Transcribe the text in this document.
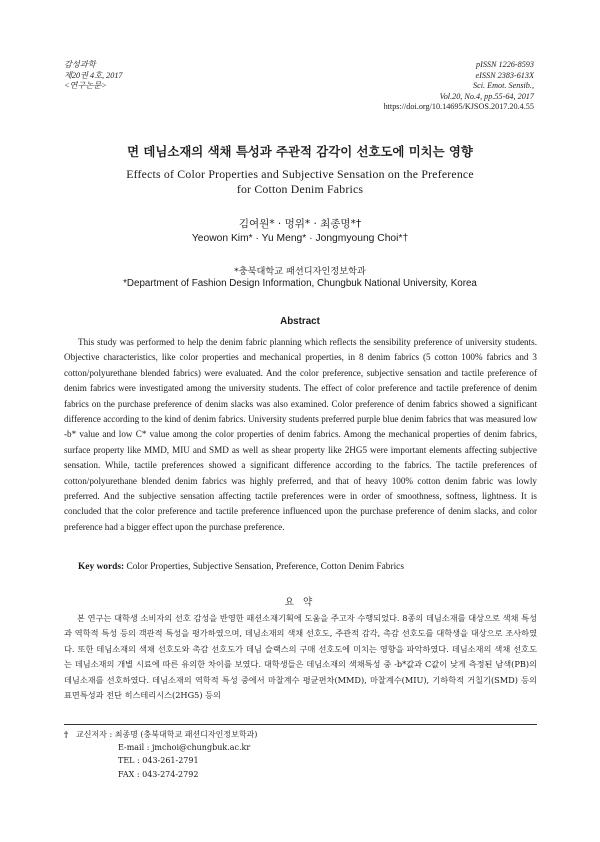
감성과학
제20권 4호, 2017
<연구논문>
pISSN 1226-8593
eISSN 2383-613X
Sci. Emot. Sensib.,
Vol.20, No.4, pp.55-64, 2017
https://doi.org/10.14695/KJSOS.2017.20.4.55
면 데님소재의 색채 특성과 주관적 감각이 선호도에 미치는 영향
Effects of Color Properties and Subjective Sensation on the Preference
for Cotton Denim Fabrics
김여원* · 멍위* · 최종명*†
Yeowon Kim* · Yu Meng* · Jongmyoung Choi*†
*충북대학교 패션디자인정보학과
*Department of Fashion Design Information, Chungbuk National University, Korea
Abstract

This study was performed to help the denim fabric planning which reflects the sensibility preference of university students. Objective characteristics, like color properties and mechanical properties, in 8 denim fabrics (5 cotton 100% fabrics and 3 cotton/polyurethane blended fabrics) were evaluated. And the color preference, subjective sensation and tactile preference of denim fabrics were investigated among the university students. The effect of color preference and tactile preference of denim fabrics on the purchase preference of denim slacks was also examined. Color preference of denim fabrics showed a significant difference according to the kind of denim fabrics. University students preferred purple blue denim fabrics that was measured low -b* value and low C* value among the color properties of denim fabrics. Among the mechanical properties of denim fabrics, surface property like MMD, MIU and SMD as well as shear property like 2HG5 were important elements affecting subjective sensation. While, tactile preferences showed a significant difference according to the fabrics. The tactile preferences of cotton/polyurethane blended denim fabrics was highly preferred, and that of heavy 100% cotton denim fabric was lowly preferred. And the subjective sensation affecting tactile preferences were in order of smoothness, softness, lightness. It is concluded that the color preference and tactile preference influenced upon the purchase preference of denim slacks, and color preference had a bigger effect upon the purchase preference.

Key words: Color Properties, Subjective Sensation, Preference, Cotton Denim Fabrics
요 약

본 연구는 대학생 소비자의 선호 감성을 반영한 패션소재기획에 도움을 주고자 수행되었다. 8종의 데님소재를 대상으로 색채 특성과 역학적 특성 등의 객관적 특성을 평가하였으며, 데님소재의 색채 선호도, 주관적 감각, 촉감 선호도를 대학생을 대상으로 조사하였다. 또한 데님소재의 색채 선호도와 촉감 선호도가 데님 슬랙스의 구매 선호도에 미치는 영향을 파악하였다. 데님소재의 색채 선호도는 데님소재의 개별 시료에 따른 유의한 차이를 보였다. 대학생들은 데님소재의 색채특성 중 -b*값과 C값이 낮게 측정된 남색(PB)의 데님소재를 선호하였다. 데님소재의 역학적 특성 중에서 마찰계수 평균편차(MMD), 마찰계수(MIU), 기하학적 거칠기(SMD) 등의 표면특성과 전단 히스테리시스(2HG5) 등의

† 교신저자 : 최종명 (충북대학교 패션디자인정보학과)
E-mail : jmchoi@chungbuk.ac.kr
TEL : 043-261-2791
FAX : 043-274-2792
